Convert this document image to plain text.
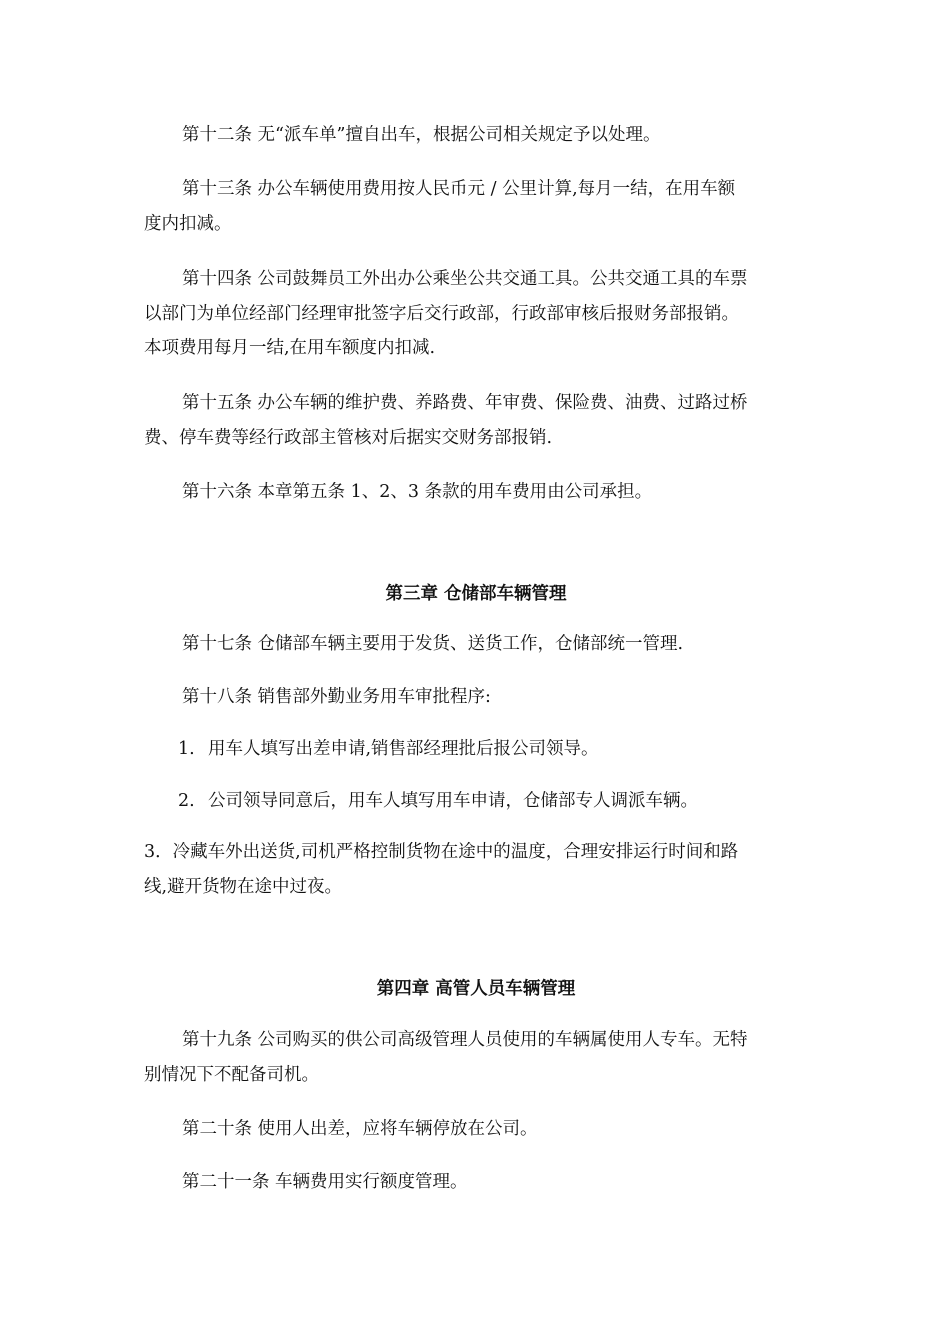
第十二条 无“派车单”擅自出车，根据公司相关规定予以处理。

第十三条 办公车辆使用费用按人民币元 / 公里计算,每月一结，在用车额

度内扣减。

第十四条 公司鼓舞员工外出办公乘坐公共交通工具。公共交通工具的车票

以部门为单位经部门经理审批签字后交行政部，行政部审核后报财务部报销。

本项费用每月一结,在用车额度内扣减.

第十五条 办公车辆的维护费、养路费、年审费、保险费、油费、过路过桥

费、停车费等经行政部主管核对后据实交财务部报销.

第十六条 本章第五条 1、2、3 条款的用车费用由公司承担。

第三章 仓储部车辆管理

第十七条 仓储部车辆主要用于发货、送货工作，仓储部统一管理.

第十八条 销售部外勤业务用车审批程序:

1. 用车人填写出差申请,销售部经理批后报公司领导。

2. 公司领导同意后，用车人填写用车申请，仓储部专人调派车辆。

3．冷藏车外出送货,司机严格控制货物在途中的温度，合理安排运行时间和路

线,避开货物在途中过夜。

第四章 高管人员车辆管理

第十九条 公司购买的供公司高级管理人员使用的车辆属使用人专车。无特

别情况下不配备司机。

第二十条 使用人出差，应将车辆停放在公司。

第二十一条 车辆费用实行额度管理。
